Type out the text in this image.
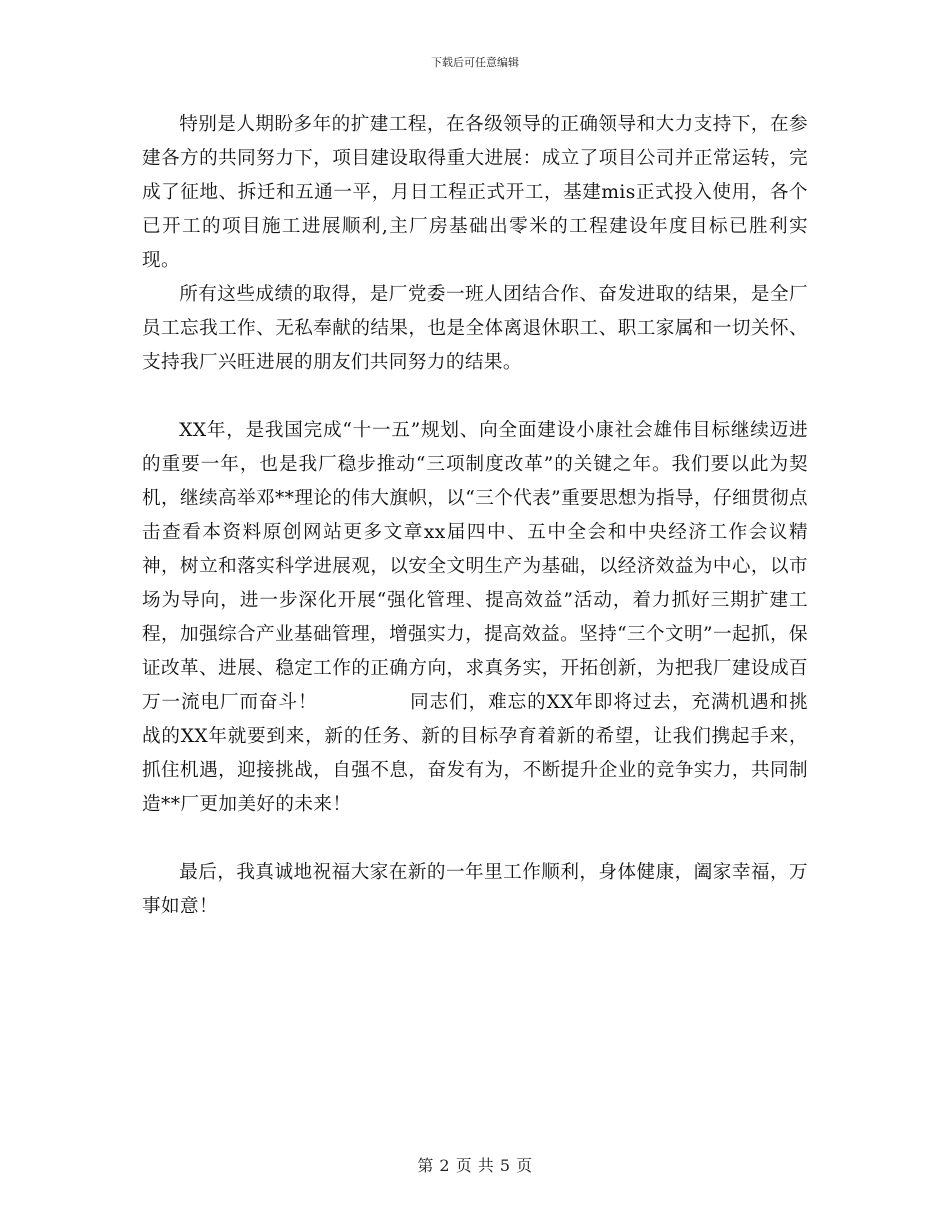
下载后可任意编辑

特别是人期盼多年的扩建工程，在各级领导的正确领导和大力支持下，在参建各方的共同努力下，项目建设取得重大进展：成立了项目公司并正常运转，完成了征地、拆迁和五通一平，月日工程正式开工，基建mis正式投入使用，各个已开工的项目施工进展顺利,主厂房基础出零米的工程建设年度目标已胜利实现。

所有这些成绩的取得，是厂党委一班人团结合作、奋发进取的结果，是全厂员工忘我工作、无私奉献的结果，也是全体离退休职工、职工家属和一切关怀、支持我厂兴旺进展的朋友们共同努力的结果。

XX年，是我国完成“十一五”规划、向全面建设小康社会雄伟目标继续迈进的重要一年，也是我厂稳步推动“三项制度改革”的关键之年。我们要以此为契机，继续高举邓**理论的伟大旗帜，以“三个代表”重要思想为指导，仔细贯彻点击查看本资料原创网站更多文章xx届四中、五中全会和中央经济工作会议精神，树立和落实科学进展观，以安全文明生产为基础，以经济效益为中心，以市场为导向，进一步深化开展“强化管理、提高效益”活动，着力抓好三期扩建工程，加强综合产业基础管理，增强实力，提高效益。坚持“三个文明”一起抓，保证改革、进展、稳定工作的正确方向，求真务实，开拓创新，为把我厂建设成百万一流电厂而奋斗！	同志们，难忘的XX年即将过去，充满机遇和挑战的XX年就要到来，新的任务、新的目标孕育着新的希望，让我们携起手来，抓住机遇，迎接挑战，自强不息，奋发有为，不断提升企业的竞争实力，共同制造**厂更加美好的未来！

最后，我真诚地祝福大家在新的一年里工作顺利，身体健康，阖家幸福，万事如意！

第 2 页 共 5 页
